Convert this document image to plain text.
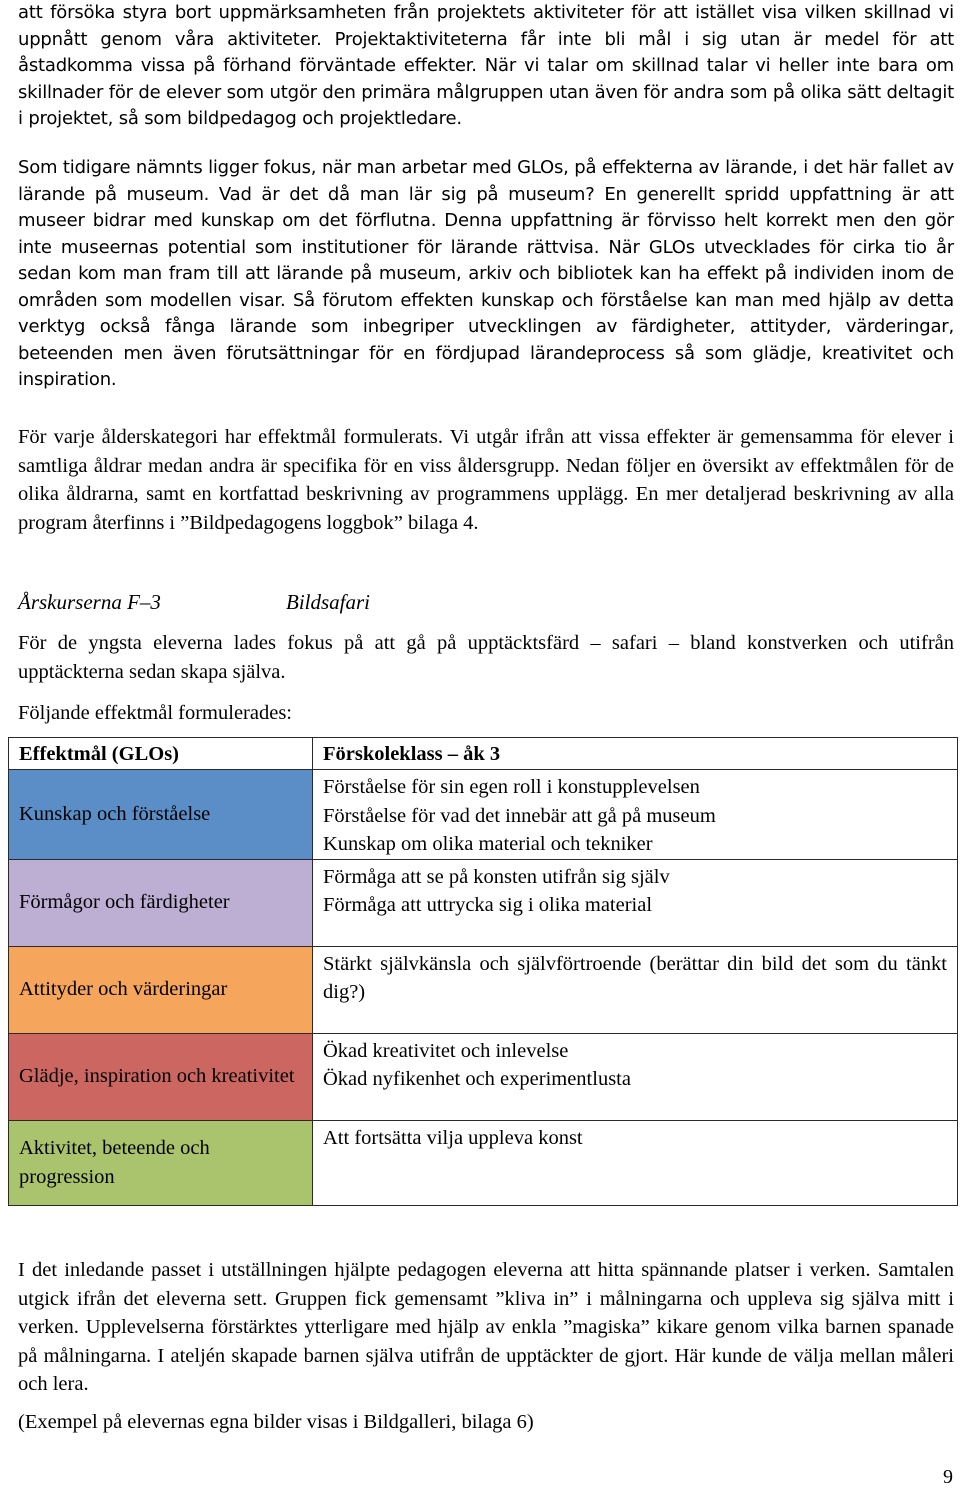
att försöka styra bort uppmärksamheten från projektets aktiviteter för att istället visa vilken skillnad vi uppnått genom våra aktiviteter. Projektaktiviteterna får inte bli mål i sig utan är medel för att åstadkomma vissa på förhand förväntade effekter. När vi talar om skillnad talar vi heller inte bara om skillnader för de elever som utgör den primära målgruppen utan även för andra som på olika sätt deltagit i projektet, så som bildpedagog och projektledare.

Som tidigare nämnts ligger fokus, när man arbetar med GLOs, på effekterna av lärande, i det här fallet av lärande på museum. Vad är det då man lär sig på museum? En generellt spridd uppfattning är att museer bidrar med kunskap om det förflutna. Denna uppfattning är förvisso helt korrekt men den gör inte museernas potential som institutioner för lärande rättvisa. När GLOs utvecklades för cirka tio år sedan kom man fram till att lärande på museum, arkiv och bibliotek kan ha effekt på individen inom de områden som modellen visar. Så förutom effekten kunskap och förståelse kan man med hjälp av detta verktyg också fånga lärande som inbegriper utvecklingen av färdigheter, attityder, värderingar, beteenden men även förutsättningar för en fördjupad lärandeprocess så som glädje, kreativitet och inspiration.

För varje ålderskategori har effektmål formulerats. Vi utgår ifrån att vissa effekter är gemensamma för elever i samtliga åldrar medan andra är specifika för en viss åldersgrupp. Nedan följer en översikt av effektmålen för de olika åldrarna, samt en kortfattad beskrivning av programmens upplägg. En mer detaljerad beskrivning av alla program återfinns i ”Bildpedagogens loggbok” bilaga 4.

Årskurserna F–3	Bildsafari

För de yngsta eleverna lades fokus på att gå på upptäcktsfärd – safari – bland konstverken och utifrån upptäckterna sedan skapa själva.

Följande effektmål formulerades:
Effektmål (GLOs)	Förskoleklass – åk 3
Kunskap och förståelse	Förståelse för sin egen roll i konstupplevelsen
Förståelse för vad det innebär att gå på museum
Kunskap om olika material och tekniker

Förmågor och färdigheter	Förmåga att se på konsten utifrån sig själv
Förmåga att uttrycka sig i olika material

Attityder och värderingar	Stärkt självkänsla och självförtroende (berättar din bild det som du tänkt dig?)

Glädje, inspiration och kreativitet	Ökad kreativitet och inlevelse
Ökad nyfikenhet och experimentlusta

Aktivitet, beteende och progression	Att fortsätta vilja uppleva konst

I det inledande passet i utställningen hjälpte pedagogen eleverna att hitta spännande platser i verken. Samtalen utgick ifrån det eleverna sett. Gruppen fick gemensamt ”kliva in” i målningarna och uppleva sig själva mitt i verken. Upplevelserna förstärktes ytterligare med hjälp av enkla ”magiska” kikare genom vilka barnen spanade på målningarna. I ateljén skapade barnen själva utifrån de upptäckter de gjort. Här kunde de välja mellan måleri och lera.

(Exempel på elevernas egna bilder visas i Bildgalleri, bilaga 6)
9
